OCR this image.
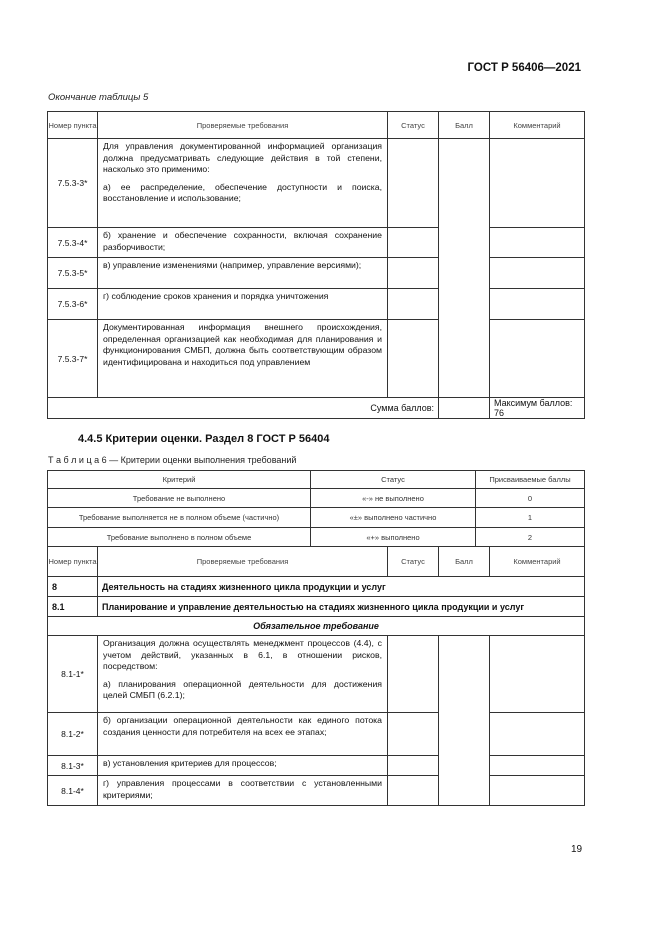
ГОСТ Р 56406—2021
Окончание таблицы 5
Номер пункта	Проверяемые требования	Статус	Балл	Комментарий
7.5.3-3*	Для управления документированной информацией организация должна предусматривать следующие действия в той степени, насколько это применимо:

а) ее распределение, обеспечение доступности и поиска, восстановление и использование;			

7.5.3-4*	б) хранение и обеспечение сохранности, включая сохранение разборчивости;			

7.5.3-5*	в) управление изменениями (например, управление версиями);			

7.5.3-6*	г) соблюдение сроков хранения и порядка уничтожения			

7.5.3-7*	Документированная информация внешнего происхождения, определенная организацией как необходимая для планирования и функционирования СМБП, должна быть соответствующим образом идентифицирована и находиться под управлением			

Сумма баллов:				Максимум баллов: 76
4.4.5 Критерии оценки. Раздел 8 ГОСТ Р 56404
Т а б л и ц а 6 — Критерии оценки выполнения требований
Критерий	Статус	Присваиваемые баллы
Требование не выполнено	«-» не выполнено	0
Требование выполняется не в полном объеме (частично)	«±» выполнено частично	1
Требование выполнено в полном объеме	«+» выполнено	2
Номер пункта	Проверяемые требования	Статус	Балл	Комментарий
8	Деятельность на стадиях жизненного цикла продукции и услуг			
8.1	Планирование и управление деятельностью на стадиях жизненного цикла продукции и услуг			
Обязательное требование				
8.1-1*	Организация должна осуществлять менеджмент процессов (4.4), с учетом действий, указанных в 6.1, в отношении рисков, посредством:

а) планирования операционной деятельности для достижения целей СМБП (6.2.1);			

8.1-2*	б) организации операционной деятельности как единого потока создания ценности для потребителя на всех ее этапах;			

8.1-3*	в) установления критериев для процессов;			

8.1-4*	г) управления процессами в соответствии с установленными критериями;			

19
